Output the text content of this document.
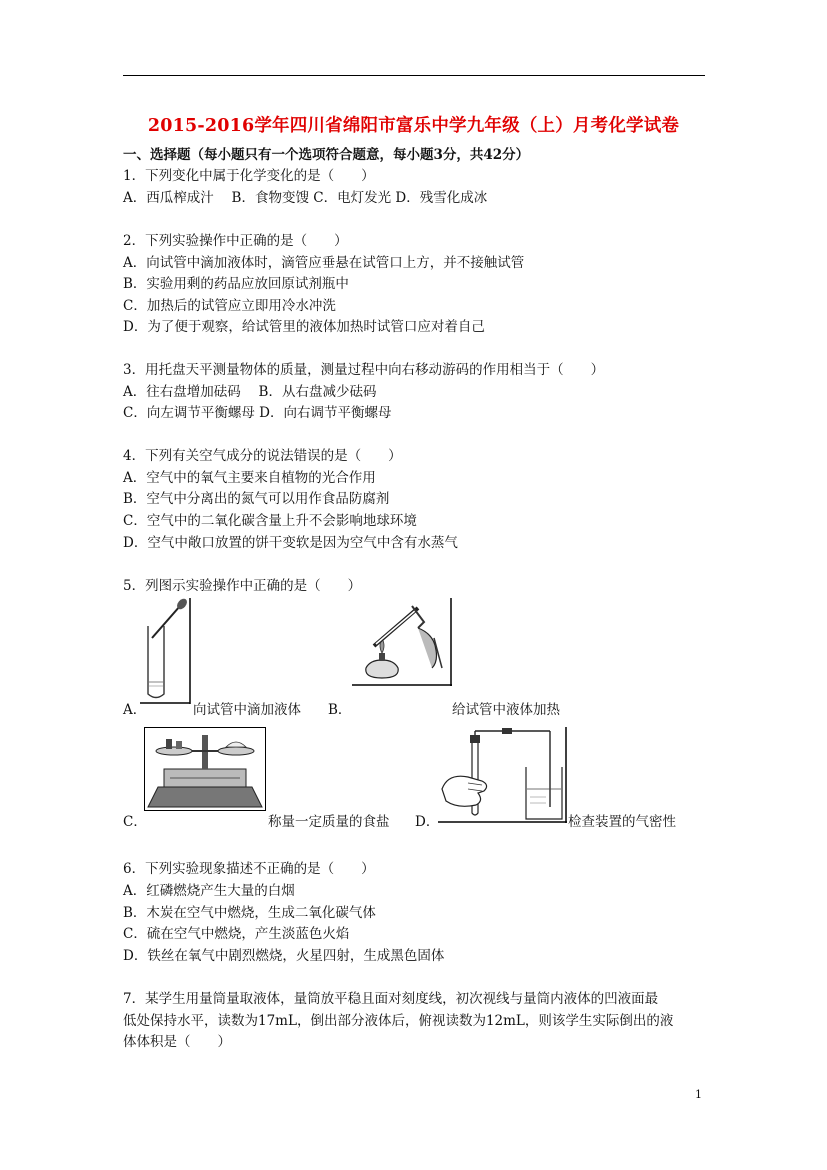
2015-2016学年四川省绵阳市富乐中学九年级（上）月考化学试卷
一、选择题（每小题只有一个选项符合题意，每小题3分，共42分）
1．下列变化中属于化学变化的是（　　）
A．西瓜榨成汁　 B．食物变馊 C．电灯发光 D．残雪化成冰
2．下列实验操作中正确的是（　　）
A．向试管中滴加液体时，滴管应垂悬在试管口上方，并不接触试管
B．实验用剩的药品应放回原试剂瓶中
C．加热后的试管应立即用冷水冲洗
D．为了便于观察，给试管里的液体加热时试管口应对着自己
3．用托盘天平测量物体的质量，测量过程中向右移动游码的作用相当于（　　）
A．往右盘增加砝码　 B．从右盘减少砝码
C．向左调节平衡螺母 D．向右调节平衡螺母
4．下列有关空气成分的说法错误的是（　　）
A．空气中的氧气主要来自植物的光合作用
B．空气中分离出的氮气可以用作食品防腐剂
C．空气中的二氧化碳含量上升不会影响地球环境
D．空气中敞口放置的饼干变软是因为空气中含有水蒸气
5．列图示实验操作中正确的是（　　）
A．	向试管中滴加液体 B．	给试管中液体加热
C．	称量一定质量的食盐 D．	检查装置的气密性
6．下列实验现象描述不正确的是（　　）
A．红磷燃烧产生大量的白烟
B．木炭在空气中燃烧，生成二氧化碳气体
C．硫在空气中燃烧，产生淡蓝色火焰
D．铁丝在氧气中剧烈燃烧，火星四射，生成黑色固体
7．某学生用量筒量取液体，量筒放平稳且面对刻度线，初次视线与量筒内液体的凹液面最
低处保持水平，读数为17mL，倒出部分液体后，俯视读数为12mL，则该学生实际倒出的液
体体积是（　　）
1
